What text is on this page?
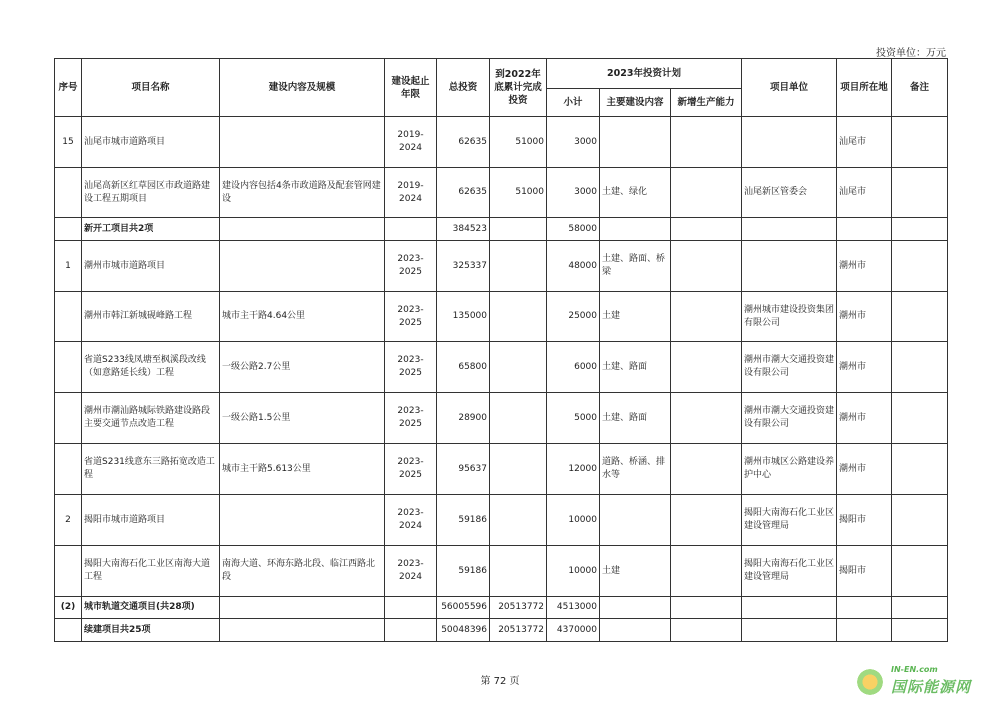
投资单位：万元
序号	项目名称	建设内容及规模	建设起止年限	总投资	到2022年底累计完成投资	2023年投资计划			项目单位	项目所在地	备注
						小计	主要建设内容	新增生产能力			
15	汕尾市城市道路项目		2019-2024	62635	51000	3000				汕尾市	
	汕尾高新区红草园区市政道路建设工程五期项目	建设内容包括4条市政道路及配套管网建设	2019-2024	62635	51000	3000	土建、绿化		汕尾新区管委会	汕尾市	
	新开工项目共2项			384523		58000					
1	潮州市城市道路项目		2023-2025	325337		48000	土建、路面、桥梁			潮州市	
	潮州市韩江新城砚峰路工程	城市主干路4.64公里	2023-2025	135000		25000	土建		潮州城市建设投资集团有限公司	潮州市	
	省道S233线凤塘至枫溪段改线（如意路延长线）工程	一级公路2.7公里	2023-2025	65800		6000	土建、路面		潮州市潮大交通投资建设有限公司	潮州市	
	潮州市潮汕路城际铁路建设路段主要交通节点改造工程	一级公路1.5公里	2023-2025	28900		5000	土建、路面		潮州市潮大交通投资建设有限公司	潮州市	
	省道S231线意东三路拓宽改造工程	城市主干路5.613公里	2023-2025	95637		12000	道路、桥涵、排水等		潮州市城区公路建设养护中心	潮州市	
2	揭阳市城市道路项目		2023-2024	59186		10000			揭阳大南海石化工业区建设管理局	揭阳市	
	揭阳大南海石化工业区南海大道工程	南海大道、环海东路北段、临江西路北段	2023-2024	59186		10000	土建		揭阳大南海石化工业区建设管理局	揭阳市	
(2)	城市轨道交通项目(共28项)			56005596	20513772	4513000					
	续建项目共25项			50048396	20513772	4370000					
第 72 页
IN-EN.com
国际能源网
